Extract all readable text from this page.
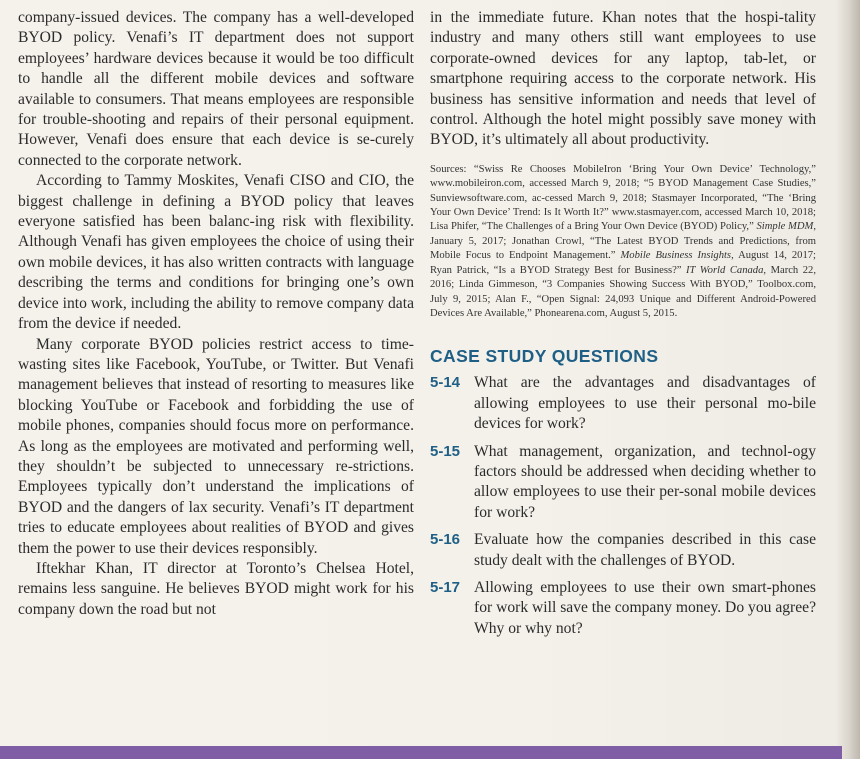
company-issued devices. The company has a well-developed BYOD policy. Venafi’s IT department does not support employees’ hardware devices because it would be too difficult to handle all the different mobile devices and software available to consumers. That means employees are responsible for trouble-shooting and repairs of their personal equipment. However, Venafi does ensure that each device is se-curely connected to the corporate network.

According to Tammy Moskites, Venafi CISO and CIO, the biggest challenge in defining a BYOD policy that leaves everyone satisfied has been balanc-ing risk with flexibility. Although Venafi has given employees the choice of using their own mobile devices, it has also written contracts with language describing the terms and conditions for bringing one’s own device into work, including the ability to remove company data from the device if needed.

Many corporate BYOD policies restrict access to time-wasting sites like Facebook, YouTube, or Twitter. But Venafi management believes that instead of resorting to measures like blocking YouTube or Facebook and forbidding the use of mobile phones, companies should focus more on performance. As long as the employees are motivated and performing well, they shouldn’t be subjected to unnecessary re-strictions. Employees typically don’t understand the implications of BYOD and the dangers of lax security. Venafi’s IT department tries to educate employees about realities of BYOD and gives them the power to use their devices responsibly.

Iftekhar Khan, IT director at Toronto’s Chelsea Hotel, remains less sanguine. He believes BYOD might work for his company down the road but not

in the immediate future. Khan notes that the hospi-tality industry and many others still want employees to use corporate-owned devices for any laptop, tab-let, or smartphone requiring access to the corporate network. His business has sensitive information and needs that level of control. Although the hotel might possibly save money with BYOD, it’s ultimately all about productivity.

Sources: “Swiss Re Chooses MobileIron ‘Bring Your Own Device’ Technology,” www.mobileiron.com, accessed March 9, 2018; “5 BYOD Management Case Studies,” Sunviewsoftware.com, ac-cessed March 9, 2018; Stasmayer Incorporated, “The ‘Bring Your Own Device’ Trend: Is It Worth It?” www.stasmayer.com, accessed March 10, 2018; Lisa Phifer, “The Challenges of a Bring Your Own Device (BYOD) Policy,” Simple MDM, January 5, 2017; Jonathan Crowl, “The Latest BYOD Trends and Predictions, from Mobile Focus to Endpoint Management.” Mobile Business Insights, August 14, 2017; Ryan Patrick, “Is a BYOD Strategy Best for Business?” IT World Canada, March 22, 2016; Linda Gimmeson, “3 Companies Showing Success With BYOD,” Toolbox.com, July 9, 2015; Alan F., “Open Signal: 24,093 Unique and Different Android-Powered Devices Are Available,” Phonearena.com, August 5, 2015.

CASE STUDY QUESTIONS
5-14 What are the advantages and disadvantages of allowing employees to use their personal mo-bile devices for work?
5-15 What management, organization, and technol-ogy factors should be addressed when deciding whether to allow employees to use their per-sonal mobile devices for work?
5-16 Evaluate how the companies described in this case study dealt with the challenges of BYOD.
5-17 Allowing employees to use their own smart-phones for work will save the company money. Do you agree? Why or why not?
